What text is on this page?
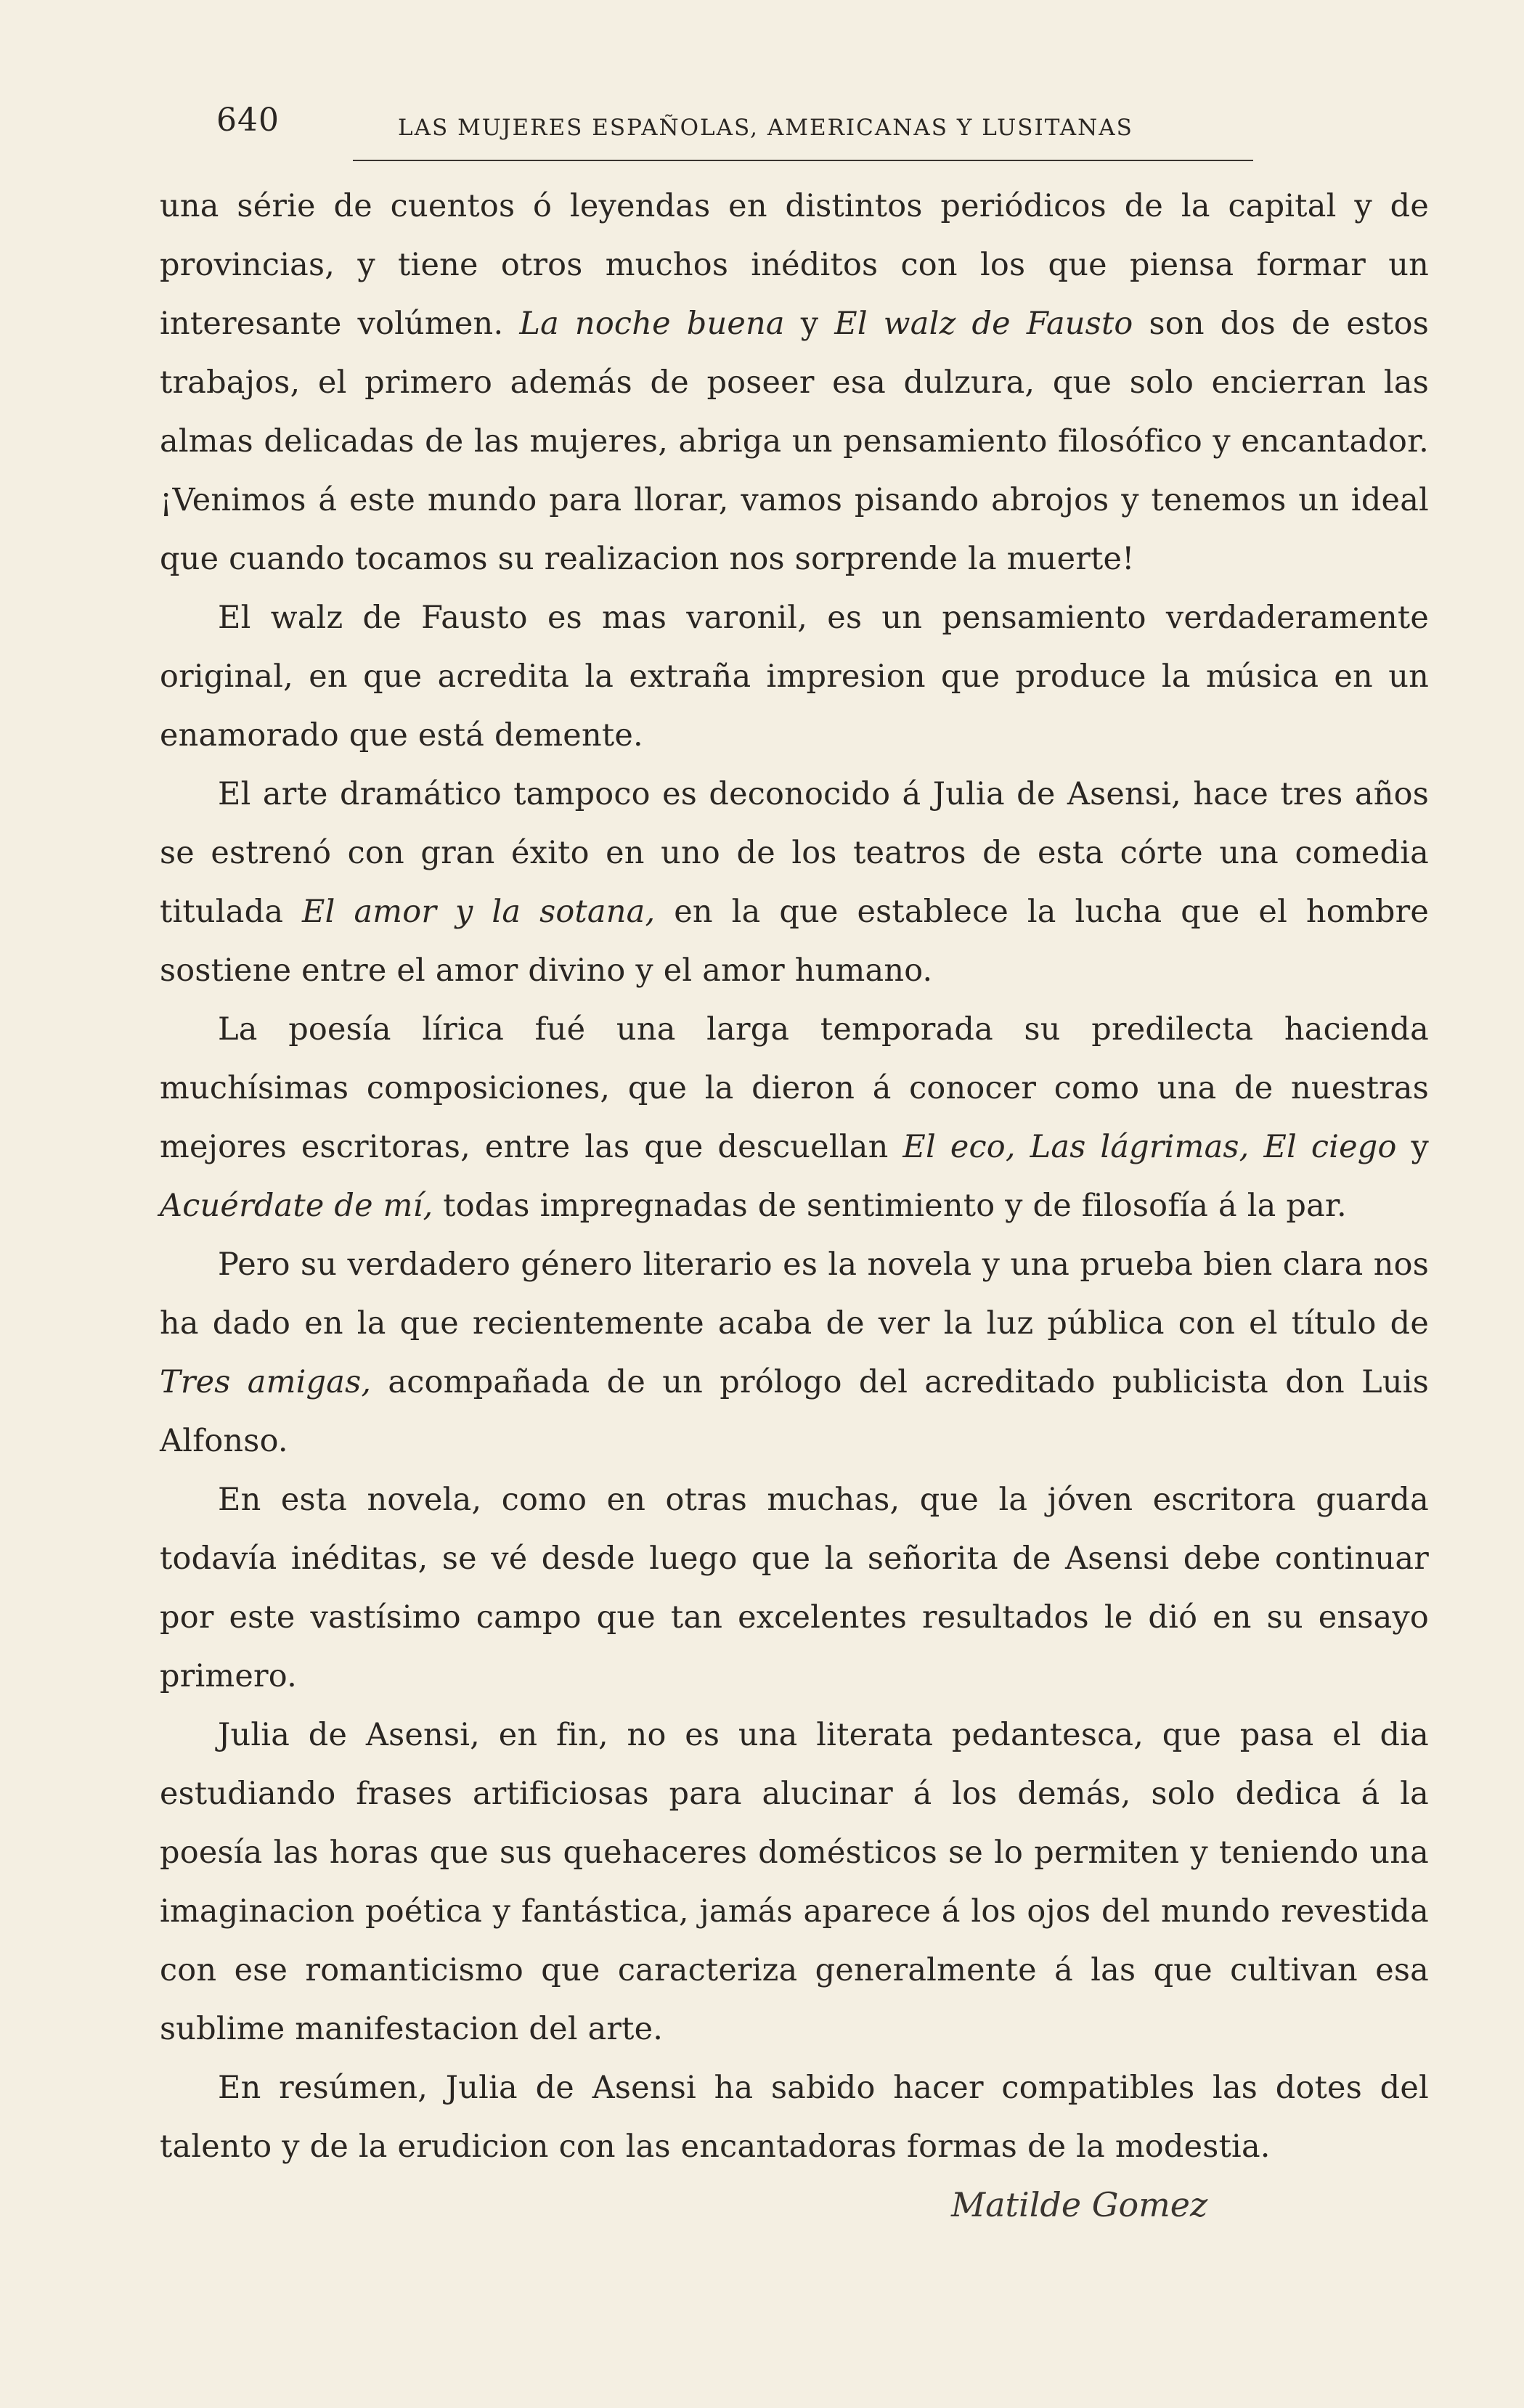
640	LAS MUJERES ESPAÑOLAS, AMERICANAS Y LUSITANAS

una série de cuentos ó leyendas en distintos periódicos de la capital y de provincias, y tiene otros muchos inéditos con los que piensa formar un interesante volúmen. La noche buena y El walz de Fausto son dos de estos trabajos, el primero además de poseer esa dulzura, que solo encierran las almas delicadas de las mujeres, abriga un pensamiento filosófico y encantador. ¡Venimos á este mundo para llorar, vamos pisando abrojos y tenemos un ideal que cuando tocamos su realizacion nos sorprende la muerte!

El walz de Fausto es mas varonil, es un pensamiento verdaderamente original, en que acredita la extraña impresion que produce la música en un enamorado que está demente.

El arte dramático tampoco es deconocido á Julia de Asensi, hace tres años se estrenó con gran éxito en uno de los teatros de esta córte una comedia titulada El amor y la sotana, en la que establece la lucha que el hombre sostiene entre el amor divino y el amor humano.

La poesía lírica fué una larga temporada su predilecta hacienda muchísimas composiciones, que la dieron á conocer como una de nuestras mejores escritoras, entre las que descuellan El eco, Las lágrimas, El ciego y Acuérdate de mí, todas impregnadas de sentimiento y de filosofía á la par.

Pero su verdadero género literario es la novela y una prueba bien clara nos ha dado en la que recientemente acaba de ver la luz pública con el título de Tres amigas, acompañada de un prólogo del acreditado publicista don Luis Alfonso.

En esta novela, como en otras muchas, que la jóven escritora guarda todavía inéditas, se vé desde luego que la señorita de Asensi debe continuar por este vastísimo campo que tan excelentes resultados le dió en su ensayo primero.

Julia de Asensi, en fin, no es una literata pedantesca, que pasa el dia estudiando frases artificiosas para alucinar á los demás, solo dedica á la poesía las horas que sus quehaceres domésticos se lo permiten y teniendo una imaginacion poética y fantástica, jamás aparece á los ojos del mundo revestida con ese romanticismo que caracteriza generalmente á las que cultivan esa sublime manifestacion del arte.

En resúmen, Julia de Asensi ha sabido hacer compatibles las dotes del talento y de la erudicion con las encantadoras formas de la modestia.

Matilde Gomez
